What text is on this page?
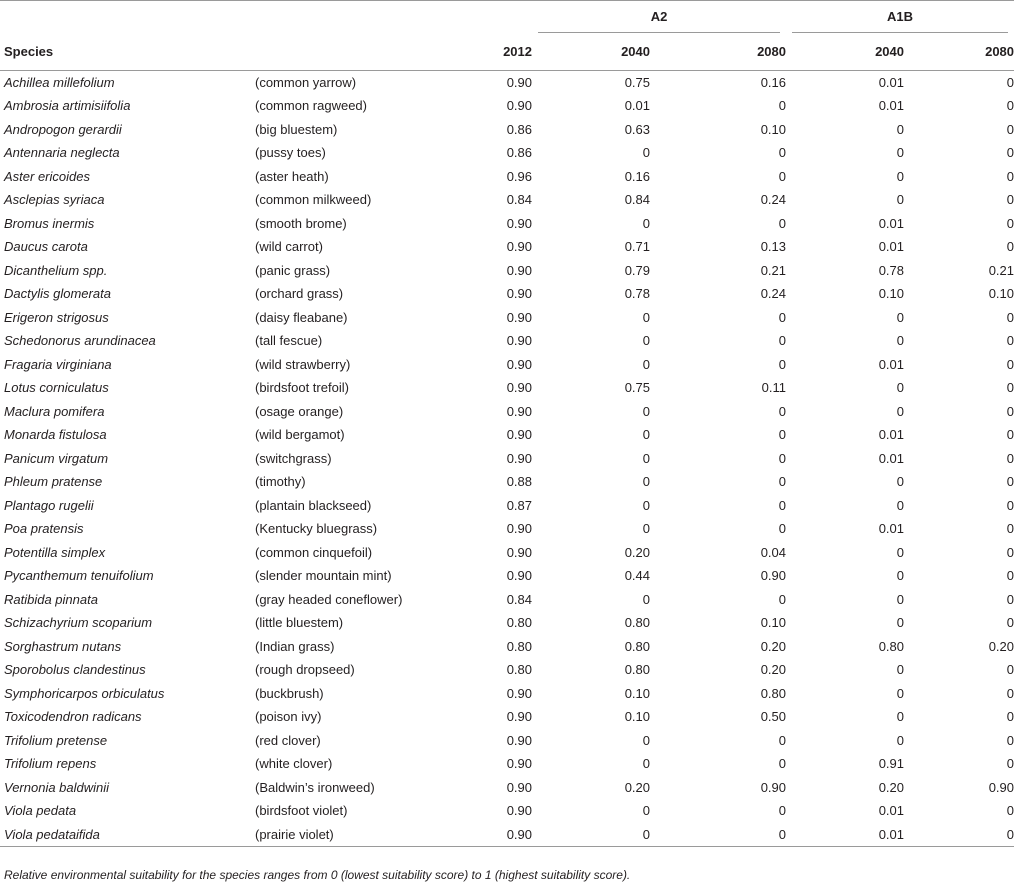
			A2		A1B	

Species		2012	2040	2080	2040	2080
Achillea millefolium	(common yarrow)	0.90	0.75	0.16	0.01	0
Ambrosia artimisiifolia	(common ragweed)	0.90	0.01	0	0.01	0
Andropogon gerardii	(big bluestem)	0.86	0.63	0.10	0	0
Antennaria neglecta	(pussy toes)	0.86	0	0	0	0
Aster ericoides	(aster heath)	0.96	0.16	0	0	0
Asclepias syriaca	(common milkweed)	0.84	0.84	0.24	0	0
Bromus inermis	(smooth brome)	0.90	0	0	0.01	0
Daucus carota	(wild carrot)	0.90	0.71	0.13	0.01	0
Dicanthelium spp.	(panic grass)	0.90	0.79	0.21	0.78	0.21
Dactylis glomerata	(orchard grass)	0.90	0.78	0.24	0.10	0.10
Erigeron strigosus	(daisy fleabane)	0.90	0	0	0	0
Schedonorus arundinacea	(tall fescue)	0.90	0	0	0	0
Fragaria virginiana	(wild strawberry)	0.90	0	0	0.01	0
Lotus corniculatus	(birdsfoot trefoil)	0.90	0.75	0.11	0	0
Maclura pomifera	(osage orange)	0.90	0	0	0	0
Monarda fistulosa	(wild bergamot)	0.90	0	0	0.01	0
Panicum virgatum	(switchgrass)	0.90	0	0	0.01	0
Phleum pratense	(timothy)	0.88	0	0	0	0
Plantago rugelii	(plantain blackseed)	0.87	0	0	0	0
Poa pratensis	(Kentucky bluegrass)	0.90	0	0	0.01	0
Potentilla simplex	(common cinquefoil)	0.90	0.20	0.04	0	0
Pycanthemum tenuifolium	(slender mountain mint)	0.90	0.44	0.90	0	0
Ratibida pinnata	(gray headed coneflower)	0.84	0	0	0	0
Schizachyrium scoparium	(little bluestem)	0.80	0.80	0.10	0	0
Sorghastrum nutans	(Indian grass)	0.80	0.80	0.20	0.80	0.20
Sporobolus clandestinus	(rough dropseed)	0.80	0.80	0.20	0	0
Symphoricarpos orbiculatus	(buckbrush)	0.90	0.10	0.80	0	0
Toxicodendron radicans	(poison ivy)	0.90	0.10	0.50	0	0
Trifolium pretense	(red clover)	0.90	0	0	0	0
Trifolium repens	(white clover)	0.90	0	0	0.91	0
Vernonia baldwinii	(Baldwin’s ironweed)	0.90	0.20	0.90	0.20	0.90
Viola pedata	(birdsfoot violet)	0.90	0	0	0.01	0
Viola pedataifida	(prairie violet)	0.90	0	0	0.01	0
Relative environmental suitability for the species ranges from 0 (lowest suitability score) to 1 (highest suitability score).
